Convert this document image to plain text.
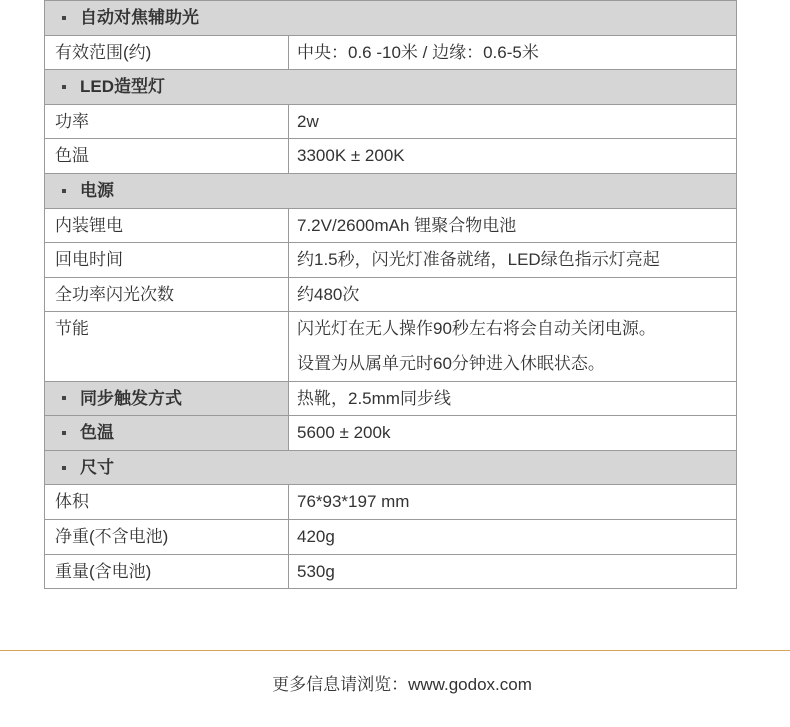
自动对焦辅助光
有效范围(约)	中央：0.6 -10米 / 边缘：0.6-5米
LED造型灯
功率	2w
色温	3300K ± 200K
电源
内装锂电	7.2V/2600mAh 锂聚合物电池
回电时间	约1.5秒，闪光灯准备就绪，LED绿色指示灯亮起
全功率闪光次数	约480次
节能	闪光灯在无人操作90秒左右将会自动关闭电源。
设置为从属单元时60分钟进入休眠状态。
同步触发方式	热靴，2.5mm同步线
色温	5600 ± 200k
尺寸
体积	76*93*197 mm
净重(不含电池)	420g
重量(含电池)	530g
更多信息请浏览：www.godox.com
